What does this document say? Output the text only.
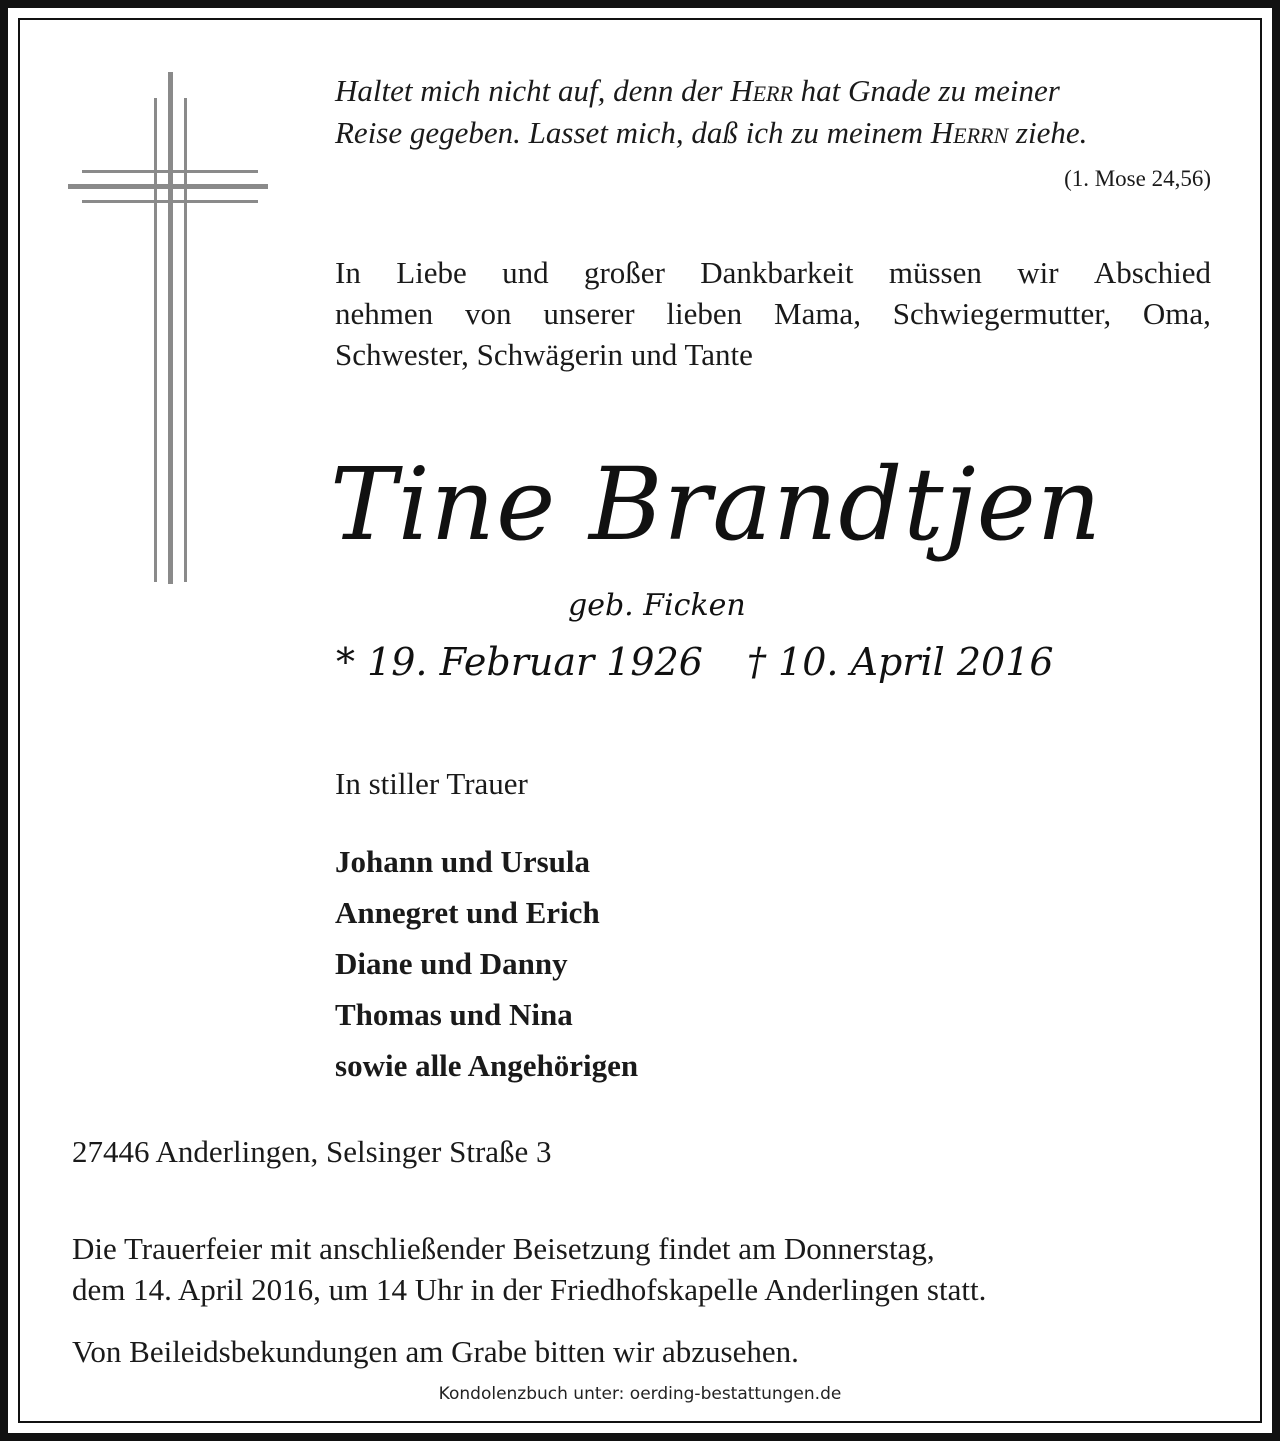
Haltet mich nicht auf, denn der Herr hat Gnade zu meiner
Reise gegeben. Lasset mich, daß ich zu meinem Herrn ziehe.
(1. Mose 24,56)
In Liebe und großer Dankbarkeit müssen wir Abschied
nehmen von unserer lieben Mama, Schwiegermutter, Oma,
Schwester, Schwägerin und Tante
Tine Brandtjen
geb. Ficken
* 19. Februar 1926 † 10. April 2016
In stiller Trauer
Johann und Ursula
Annegret und Erich
Diane und Danny
Thomas und Nina
sowie alle Angehörigen
27446 Anderlingen, Selsinger Straße 3
Die Trauerfeier mit anschließender Beisetzung findet am Donnerstag,
dem 14. April 2016, um 14 Uhr in der Friedhofskapelle Anderlingen statt.
Von Beileidsbekundungen am Grabe bitten wir abzusehen.
Kondolenzbuch unter: oerding-bestattungen.de
